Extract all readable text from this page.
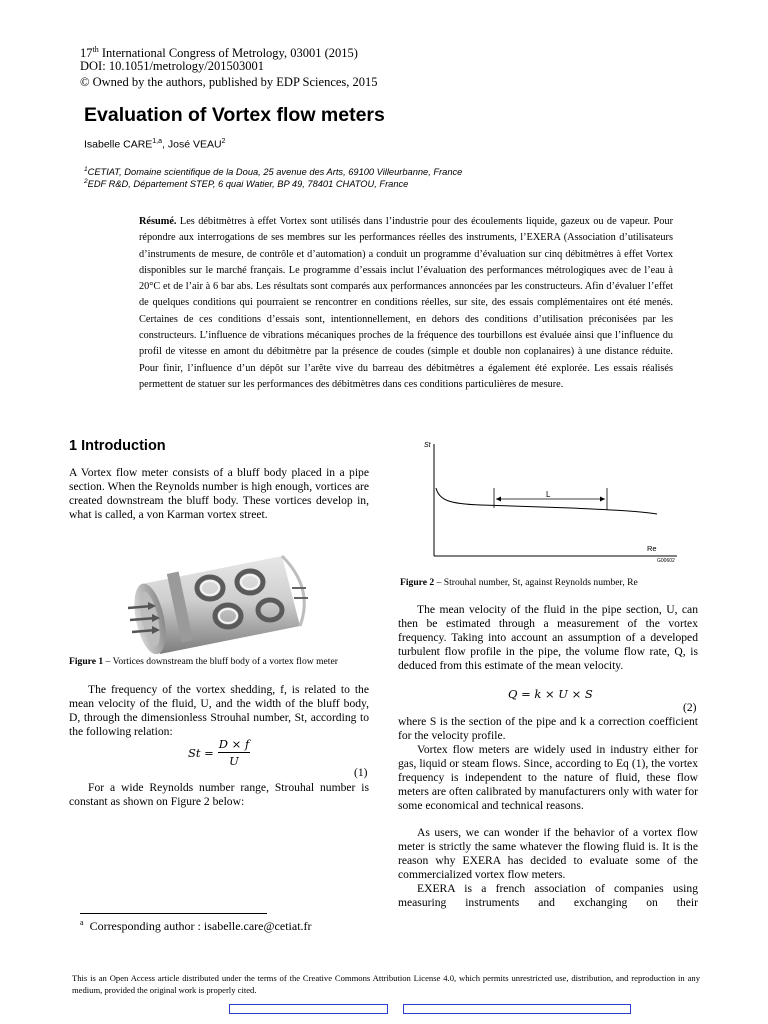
17th International Congress of Metrology, 03001 (2015)
DOI: 10.1051/metrology/201503001
© Owned by the authors, published by EDP Sciences, 2015
Evaluation of Vortex flow meters
Isabelle CARE$^{1,a}$, José VEAU$^2$
$^1$CETIAT, Domaine scientifique de la Doua, 25 avenue des Arts, 69100 Villeurbanne, France
$^2$EDF R&D, Département STEP, 6 quai Watier, BP 49, 78401 CHATOU, France
Résumé. Les débitmètres à effet Vortex sont utilisés dans l’industrie pour des écoulements liquide, gazeux ou de vapeur. Pour répondre aux interrogations de ses membres sur les performances réelles des instruments, l’EXERA (Association d’utilisateurs d’instruments de mesure, de contrôle et d’automation) a conduit un programme d’évaluation sur cinq débitmètres à effet Vortex disponibles sur le marché français. Le programme d’essais inclut l’évaluation des performances métrologiques avec de l’eau à 20°C et de l’air à 6 bar abs. Les résultats sont comparés aux performances annoncées par les constructeurs. Afin d’évaluer l’effet de quelques conditions qui pourraient se rencontrer en conditions réelles, sur site, des essais complémentaires ont été menés. Certaines de ces conditions d’essais sont, intentionnellement, en dehors des conditions d’utilisation préconisées par les constructeurs. L’influence de vibrations mécaniques proches de la fréquence des tourbillons est évaluée ainsi que l’influence du profil de vitesse en amont du débitmètre par la présence de coudes (simple et double non coplanaires) à une distance réduite. Pour finir, l’influence d’un dépôt sur l’arête vive du barreau des débitmètres a également été explorée. Les essais réalisés permettent de statuer sur les performances des débitmètres dans ces conditions particulières de mesure.
1 Introduction
A Vortex flow meter consists of a bluff body placed in a pipe section. When the Reynolds number is high enough, vortices are created downstream the bluff body. These vortices develop in, what is called, a von Karman vortex street.
Figure 1 – Vortices downstream the bluff body of a vortex flow meter
The frequency of the vortex shedding, f, is related to the mean velocity of the fluid, U, and the width of the bluff body, D, through the dimensionless Strouhal number, St, according to the following relation:
St =
D × f
U
(1)
For a wide Reynolds number range, Strouhal number is constant as shown on Figure 2 below:
St
L
Re
G00602
Figure 2 – Strouhal number, St, against Reynolds number, Re
The mean velocity of the fluid in the pipe section, U, can then be estimated through a measurement of the vortex frequency. Taking into account an assumption of a developed turbulent flow profile in the pipe, the volume flow rate, Q, is deduced from this estimate of the mean velocity.
Q = k × U × S
(2)
where S is the section of the pipe and k a correction coefficient for the velocity profile.
Vortex flow meters are widely used in industry either for gas, liquid or steam flows. Since, according to Eq (1), the vortex frequency is independent to the nature of fluid, these flow meters are often calibrated by manufacturers only with water for some economical and technical reasons.
As users, we can wonder if the behavior of a vortex flow meter is strictly the same whatever the flowing fluid is. It is the reason why EXERA has decided to evaluate some of the commercialized vortex flow meters.
EXERA is a french association of companies using measuring instruments and exchanging on their
$^a$ Corresponding author : isabelle.care@cetiat.fr
This is an Open Access article distributed under the terms of the Creative Commons Attribution License 4.0, which permits unrestricted use, distribution, and reproduction in any medium, provided the original work is properly cited.
